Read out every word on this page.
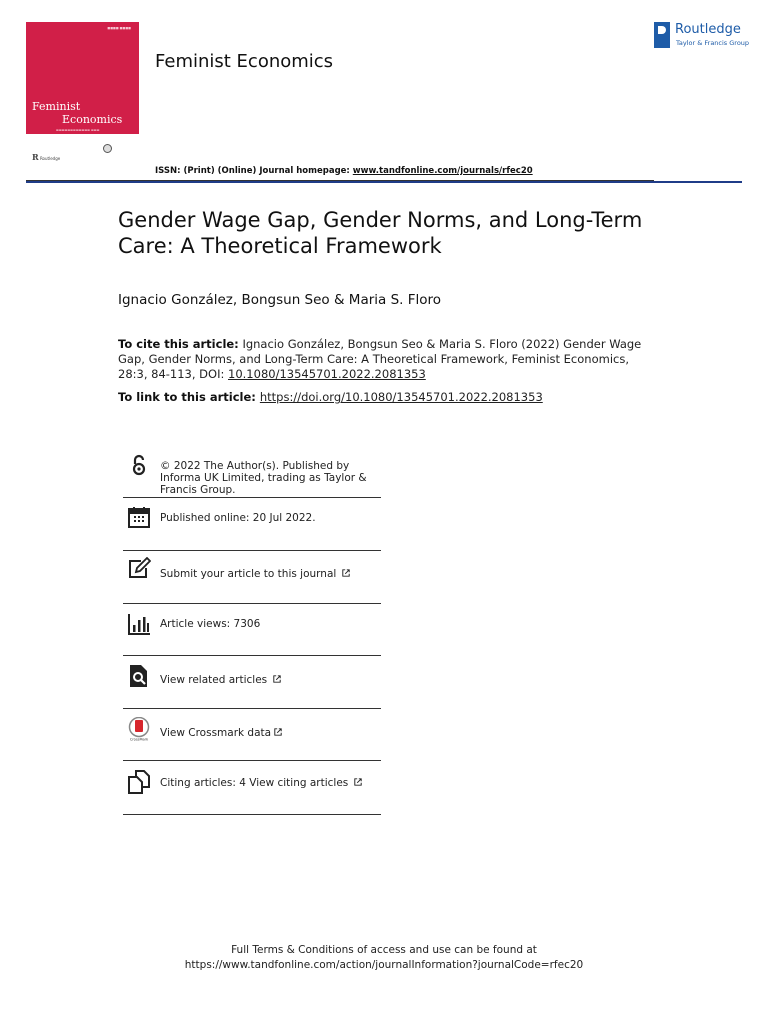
■■■■ ■■■■
Feminist
Economics
▬▬▬▬▬▬▬▬▬▬▬▬ ▬▬▬
R Routledge
Feminist Economics
Routledge
Taylor & Francis Group
ISSN: (Print) (Online) Journal homepage: www.tandfonline.com/journals/rfec20
Gender Wage Gap, Gender Norms, and Long-Term Care: A Theoretical Framework
Ignacio González, Bongsun Seo & Maria S. Floro
To cite this article: Ignacio González, Bongsun Seo & Maria S. Floro (2022) Gender Wage Gap, Gender Norms, and Long-Term Care: A Theoretical Framework, Feminist Economics, 28:3, 84-113, DOI: 10.1080/13545701.2022.2081353
To link to this article: https://doi.org/10.1080/13545701.2022.2081353
© 2022 The Author(s). Published by Informa UK Limited, trading as Taylor & Francis Group.
Published online: 20 Jul 2022.
Submit your article to this journal
Article views: 7306
View related articles
CrossMark
View Crossmark data
Citing articles: 4 View citing articles
Full Terms & Conditions of access and use can be found at
https://www.tandfonline.com/action/journalInformation?journalCode=rfec20
